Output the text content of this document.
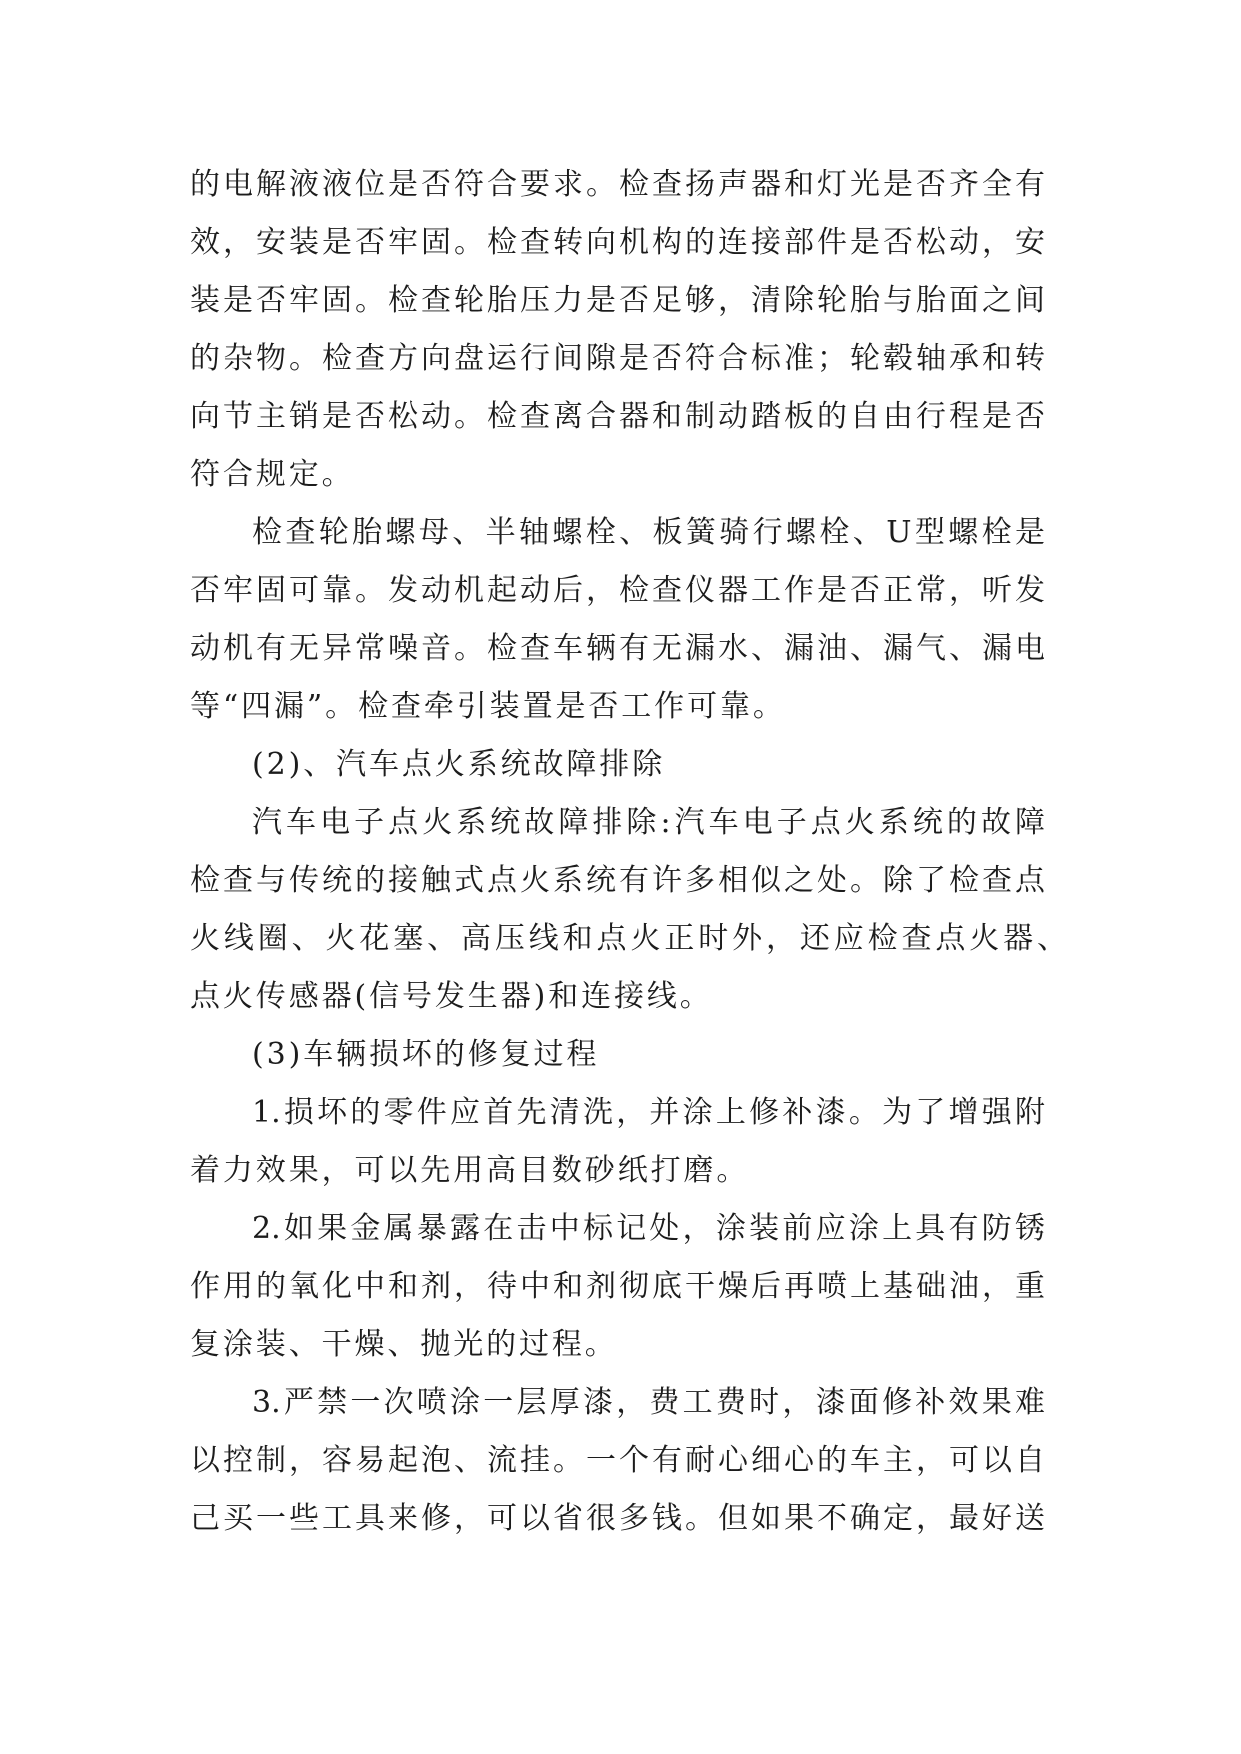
的电解液液位是否符合要求。检查扬声器和灯光是否齐全有
效，安装是否牢固。检查转向机构的连接部件是否松动，安
装是否牢固。检查轮胎压力是否足够，清除轮胎与胎面之间
的杂物。检查方向盘运行间隙是否符合标准；轮毂轴承和转
向节主销是否松动。检查离合器和制动踏板的自由行程是否
符合规定。
检查轮胎螺母、半轴螺栓、板簧骑行螺栓、U型螺栓是
否牢固可靠。发动机起动后，检查仪器工作是否正常，听发
动机有无异常噪音。检查车辆有无漏水、漏油、漏气、漏电
等“四漏”。检查牵引装置是否工作可靠。
(2)、汽车点火系统故障排除
汽车电子点火系统故障排除:汽车电子点火系统的故障
检查与传统的接触式点火系统有许多相似之处。除了检查点
火线圈、火花塞、高压线和点火正时外，还应检查点火器、
点火传感器(信号发生器)和连接线。
(3)车辆损坏的修复过程
1.损坏的零件应首先清洗，并涂上修补漆。为了增强附
着力效果，可以先用高目数砂纸打磨。
2.如果金属暴露在击中标记处，涂装前应涂上具有防锈
作用的氧化中和剂，待中和剂彻底干燥后再喷上基础油，重
复涂装、干燥、抛光的过程。
3.严禁一次喷涂一层厚漆，费工费时，漆面修补效果难
以控制，容易起泡、流挂。一个有耐心细心的车主，可以自
己买一些工具来修，可以省很多钱。但如果不确定，最好送
